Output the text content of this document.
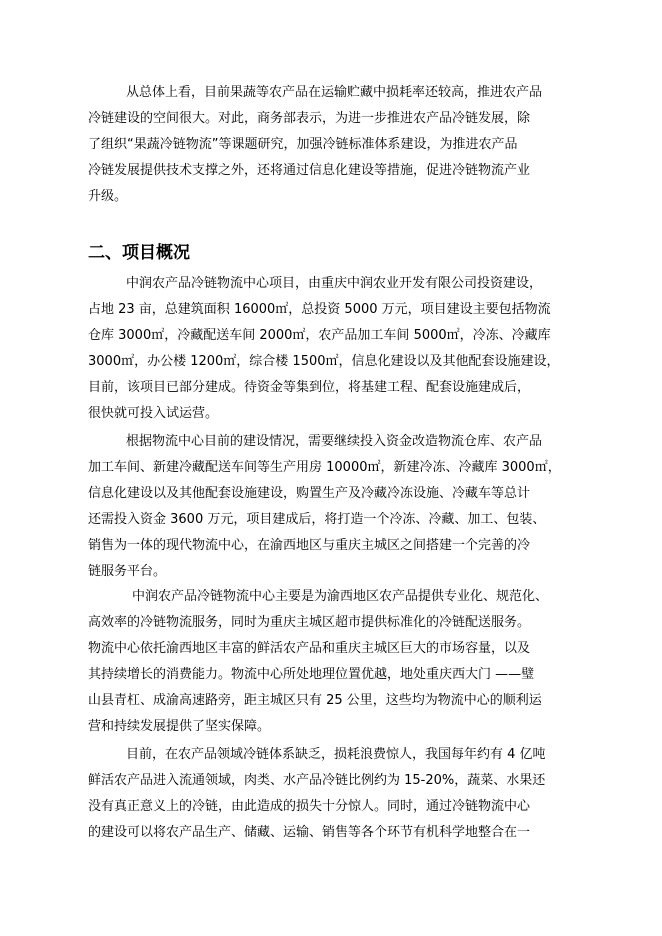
从总体上看，目前果蔬等农产品在运输贮藏中损耗率还较高，推进农产品
冷链建设的空间很大。对此，商务部表示，为进一步推进农产品冷链发展，除
了组织“果蔬冷链物流”等课题研究，加强冷链标准体系建设，为推进农产品
冷链发展提供技术支撑之外，还将通过信息化建设等措施，促进冷链物流产业
升级。
二、项目概况
中润农产品冷链物流中心项目，由重庆中润农业开发有限公司投资建设，
占地 23 亩，总建筑面积 16000㎡，总投资 5000 万元，项目建设主要包括物流
仓库 3000㎡，冷藏配送车间 2000㎡，农产品加工车间 5000㎡，冷冻、冷藏库
3000㎡，办公楼 1200㎡，综合楼 1500㎡，信息化建设以及其他配套设施建设，
目前，该项目已部分建成。待资金等集到位，将基建工程、配套设施建成后，
很快就可投入试运营。
根据物流中心目前的建设情况，需要继续投入资金改造物流仓库、农产品
加工车间、新建冷藏配送车间等生产用房 10000㎡，新建冷冻、冷藏库 3000㎡，
信息化建设以及其他配套设施建设，购置生产及冷藏冷冻设施、冷藏车等总计
还需投入资金 3600 万元，项目建成后，将打造一个冷冻、冷藏、加工、包装、
销售为一体的现代物流中心，在渝西地区与重庆主城区之间搭建一个完善的冷
链服务平台。
中润农产品冷链物流中心主要是为渝西地区农产品提供专业化、规范化、
高效率的冷链物流服务，同时为重庆主城区超市提供标准化的冷链配送服务。
物流中心依托渝西地区丰富的鲜活农产品和重庆主城区巨大的市场容量，以及
其持续增长的消费能力。物流中心所处地理位置优越，地处重庆西大门 ——璧
山县青杠、成渝高速路旁，距主城区只有 25 公里，这些均为物流中心的顺利运
营和持续发展提供了坚实保障。
目前，在农产品领域冷链体系缺乏，损耗浪费惊人，我国每年约有 4 亿吨
鲜活农产品进入流通领域，肉类、水产品冷链比例约为 15-20%，蔬菜、水果还
没有真正意义上的冷链，由此造成的损失十分惊人。同时，通过冷链物流中心
的建设可以将农产品生产、储藏、运输、销售等各个环节有机科学地整合在一
